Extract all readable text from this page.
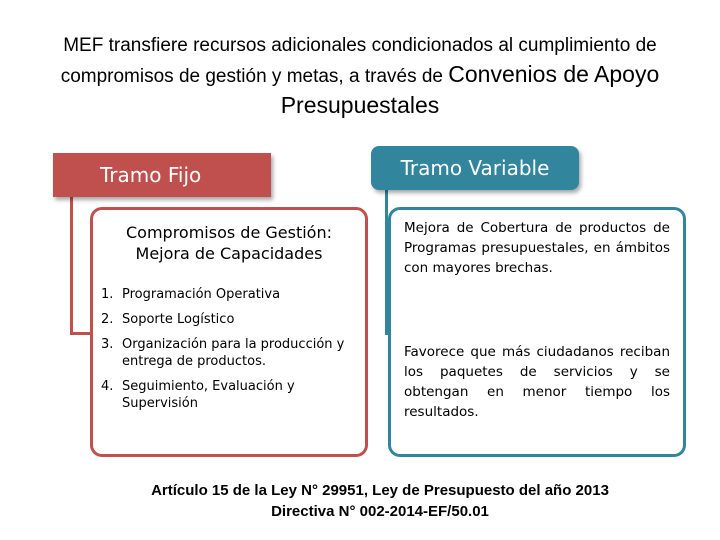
MEF transfiere recursos adicionales condicionados al cumplimiento de compromisos de gestión y metas, a través de Convenios de Apoyo Presupuestales
Tramo Fijo	Tramo Variable
Compromisos de Gestión: Mejora de Capacidades
1. Programación Operativa
2. Soporte Logístico
3. Organización para la producción y entrega de productos.
4. Seguimiento, Evaluación y Supervisión
Mejora de Cobertura de productos de Programas presupuestales, en ámbitos con mayores brechas.
Favorece que más ciudadanos reciban los paquetes de servicios y se obtengan en menor tiempo los resultados.
Artículo 15 de la Ley N° 29951, Ley de Presupuesto del año 2013
Directiva N° 002-2014-EF/50.01
